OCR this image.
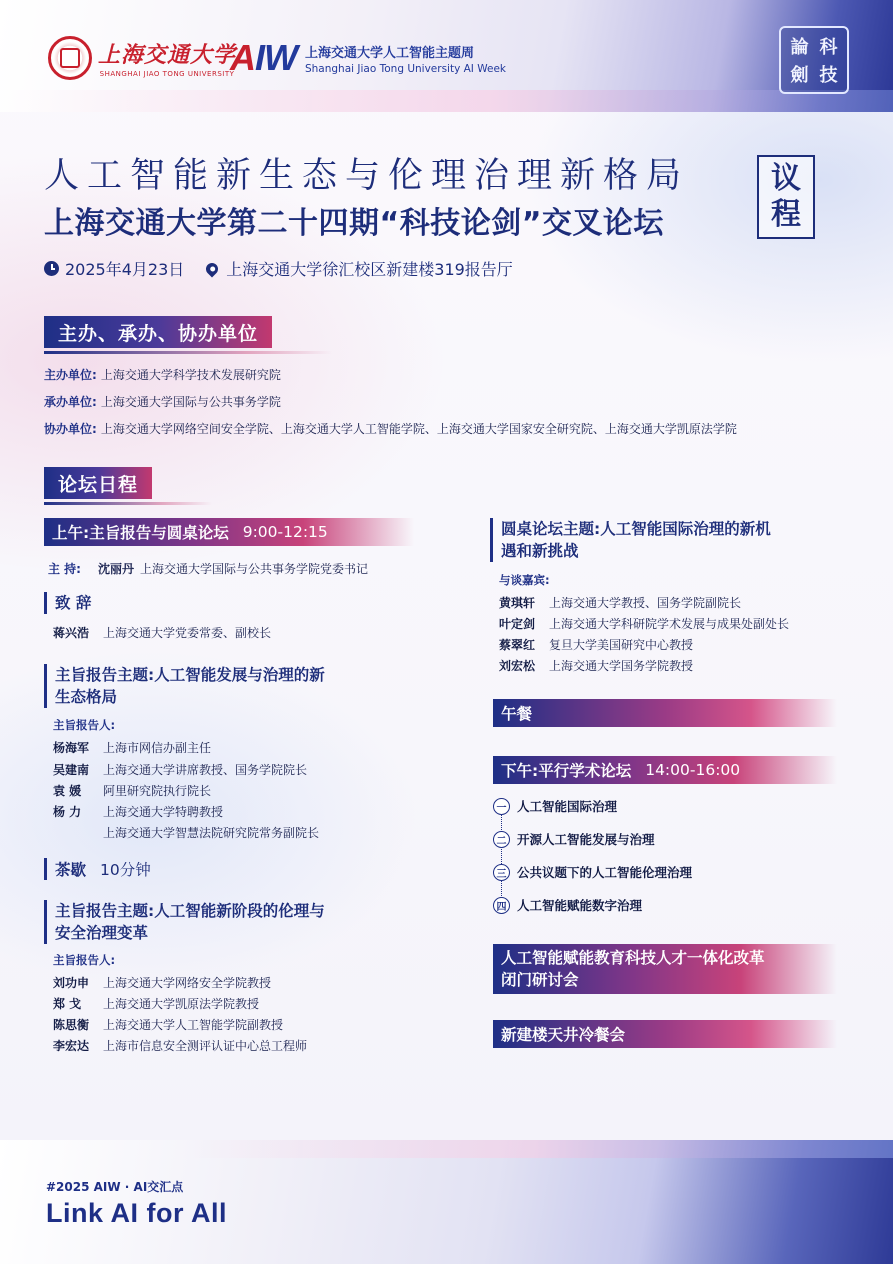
上海交通大学
SHANGHAI JIAO TONG UNIVERSITY
AIW 上海交通大学人工智能主题周
Shanghai Jiao Tong University AI Week
論 科
劍 技
人工智能新生态与伦理治理新格局
上海交通大学第二十四期“科技论剑”交叉论坛
议
程
2025年4月23日	上海交通大学徐汇校区新建楼319报告厅
主办、承办、协办单位
主办单位: 上海交通大学科学技术发展研究院
承办单位: 上海交通大学国际与公共事务学院
协办单位: 上海交通大学网络空间安全学院、上海交通大学人工智能学院、上海交通大学国家安全研究院、上海交通大学凯原法学院
论坛日程
上午:主旨报告与圆桌论坛 9:00-12:15
主 持:	沈丽丹 上海交通大学国际与公共事务学院党委书记
致 辞
蒋兴浩	上海交通大学党委常委、副校长
主旨报告主题:人工智能发展与治理的新
生态格局
主旨报告人:
杨海军	上海市网信办副主任
吴建南	上海交通大学讲席教授、国务学院院长
袁 媛	阿里研究院执行院长
杨 力	上海交通大学特聘教授
上海交通大学智慧法院研究院常务副院长
茶歇 10分钟
主旨报告主题:人工智能新阶段的伦理与
安全治理变革
主旨报告人:
刘功申	上海交通大学网络安全学院教授
郑 戈	上海交通大学凯原法学院教授
陈思衡	上海交通大学人工智能学院副教授
李宏达	上海市信息安全测评认证中心总工程师
圆桌论坛主题:人工智能国际治理的新机
遇和新挑战
与谈嘉宾:
黄琪轩	上海交通大学教授、国务学院副院长
叶定剑	上海交通大学科研院学术发展与成果处副处长
蔡翠红	复旦大学美国研究中心教授
刘宏松	上海交通大学国务学院教授
午餐
下午:平行学术论坛 14:00-16:00
一 人工智能国际治理
二 开源人工智能发展与治理
三 公共议题下的人工智能伦理治理
四 人工智能赋能数字治理
人工智能赋能教育科技人才一体化改革
闭门研讨会
新建楼天井冷餐会
#2025 AIW · AI交汇点
Link AI for All
